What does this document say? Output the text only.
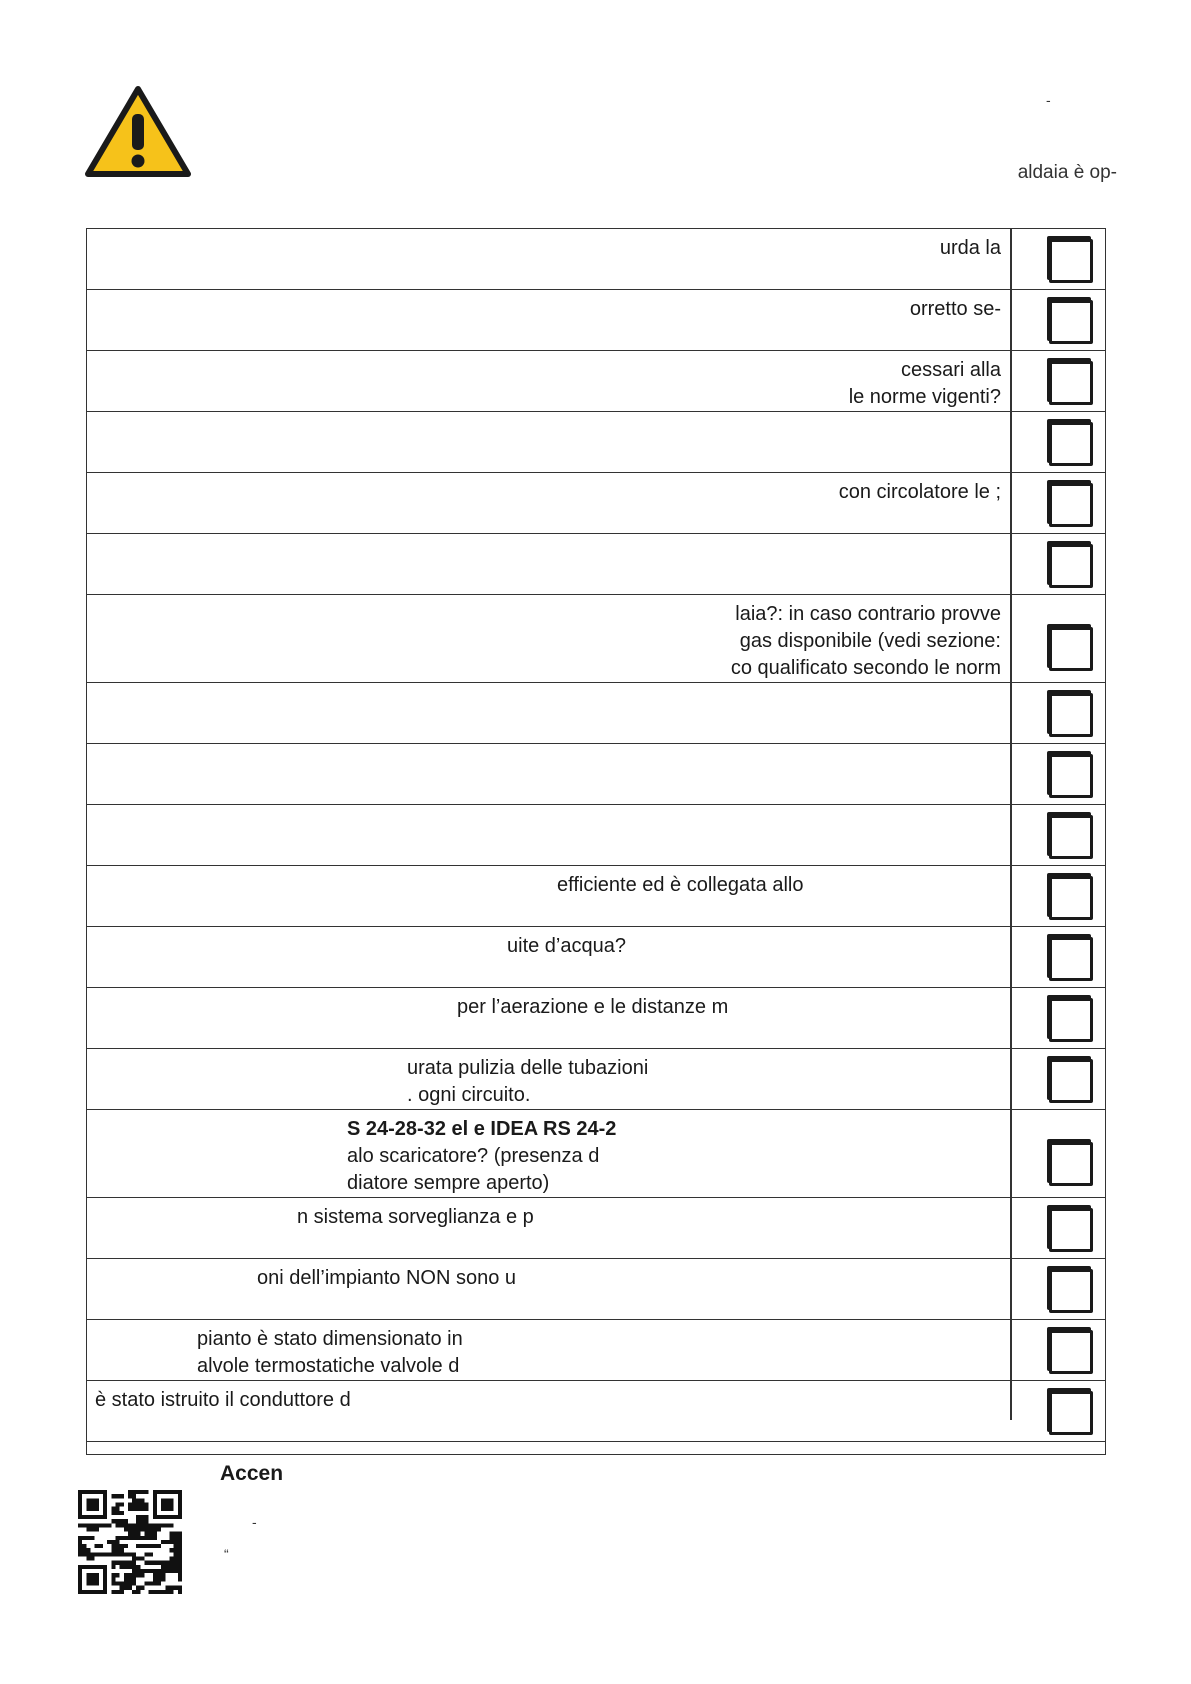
-
aldaia è op-
urda la
orretto se-
cessari alla
le norme vigenti?
con circolatore le ;
laia?: in caso contrario provve
gas disponibile (vedi sezione:
co qualificato secondo le norm
efficiente ed è collegata allo
uite d’acqua?
per l’aerazione e le distanze m
urata pulizia delle tubazioni
. ogni circuito.
S 24-28-32 el e IDEA RS 24-2
alo scaricatore? (presenza d
diatore sempre aperto)
n sistema sorveglianza e p
oni dell’impianto NON sono u
pianto è stato dimensionato in
alvole termostatiche valvole d
è stato istruito il conduttore d
Accen
-
“
